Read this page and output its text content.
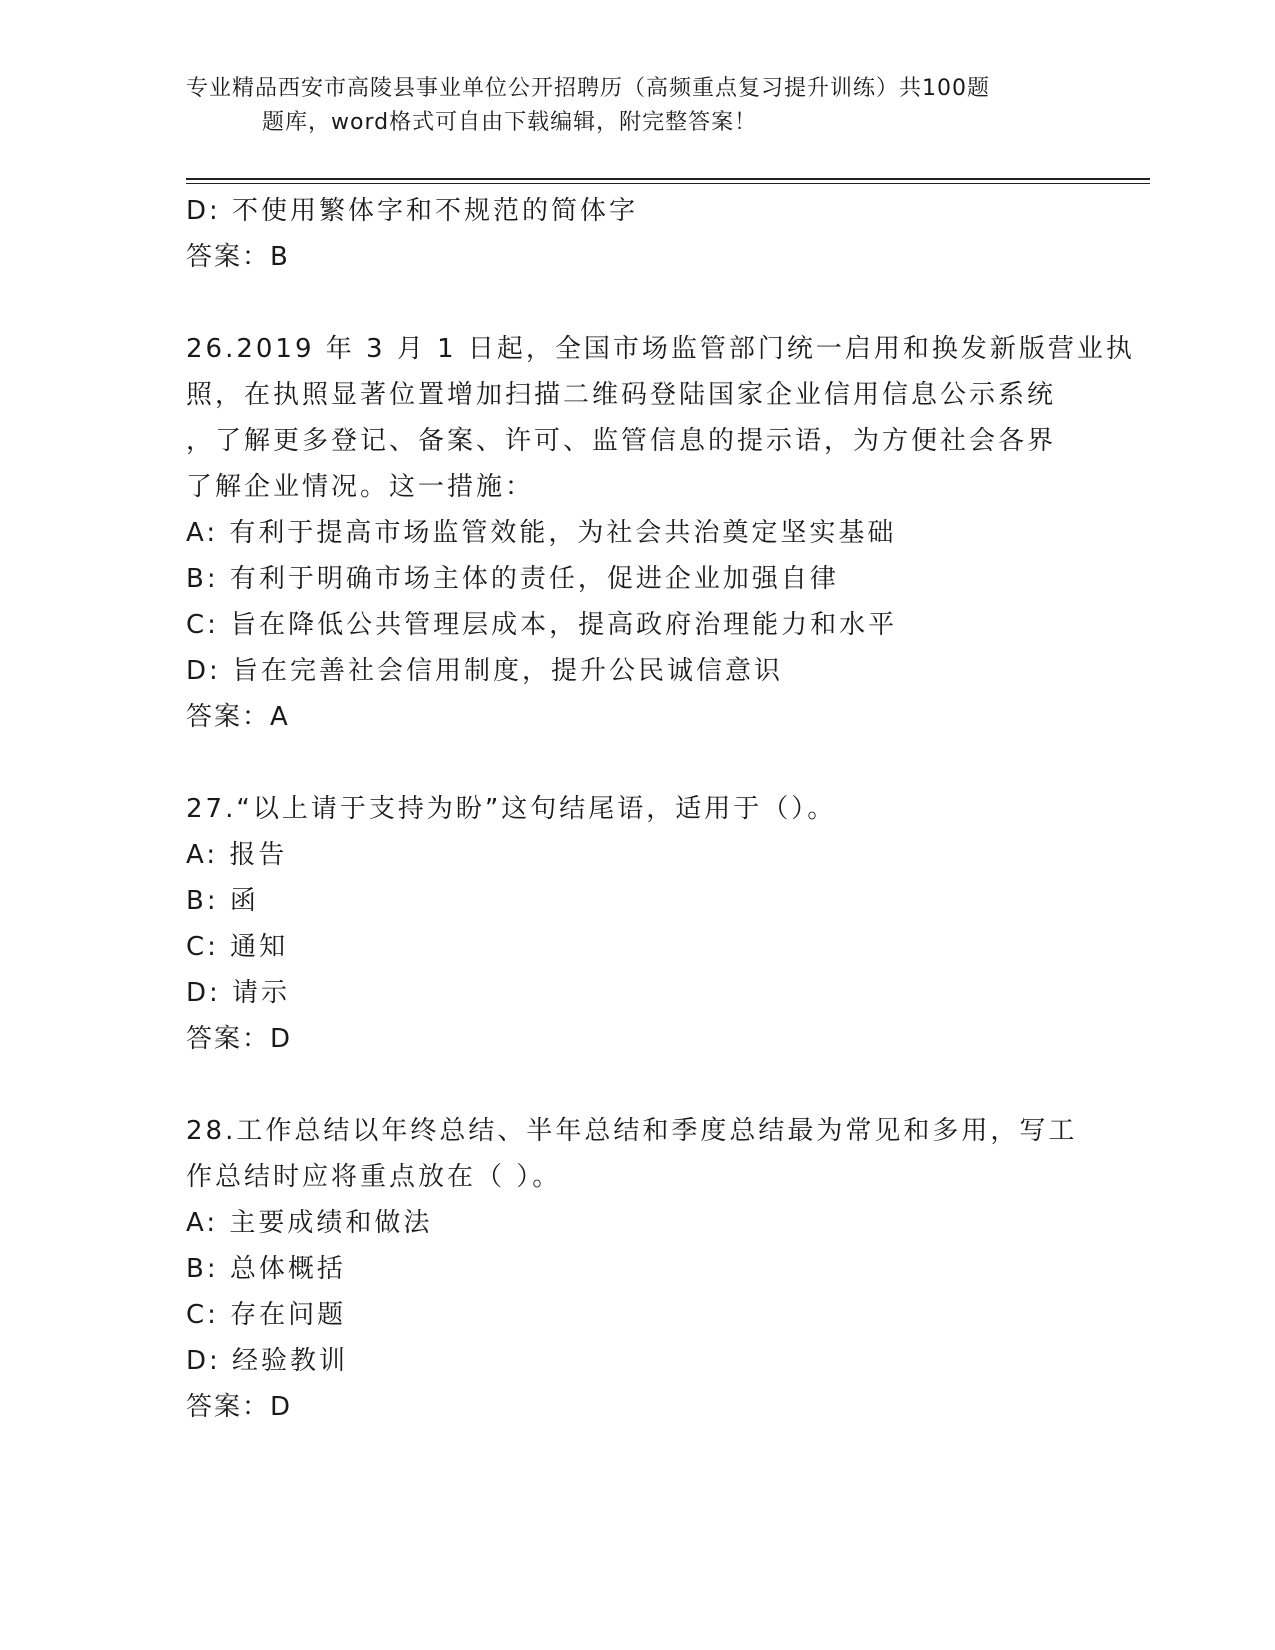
专业精品西安市高陵县事业单位公开招聘历（高频重点复习提升训练）共100题
题库，word格式可自由下载编辑，附完整答案！
D: 不使用繁体字和不规范的简体字
答案：B
26.2019 年 3 月 1 日起，全国市场监管部门统一启用和换发新版营业执
照，在执照显著位置增加扫描二维码登陆国家企业信用信息公示系统
，了解更多登记、备案、许可、监管信息的提示语，为方便社会各界
了解企业情况。这一措施：
A: 有利于提高市场监管效能，为社会共治奠定坚实基础
B: 有利于明确市场主体的责任，促进企业加强自律
C: 旨在降低公共管理层成本，提高政府治理能力和水平
D: 旨在完善社会信用制度，提升公民诚信意识
答案：A
27.“以上请于支持为盼”这句结尾语，适用于（）。
A: 报告
B: 函
C: 通知
D: 请示
答案：D
28.工作总结以年终总结、半年总结和季度总结最为常见和多用，写工
作总结时应将重点放在（ ）。
A: 主要成绩和做法
B: 总体概括
C: 存在问题
D: 经验教训
答案：D
